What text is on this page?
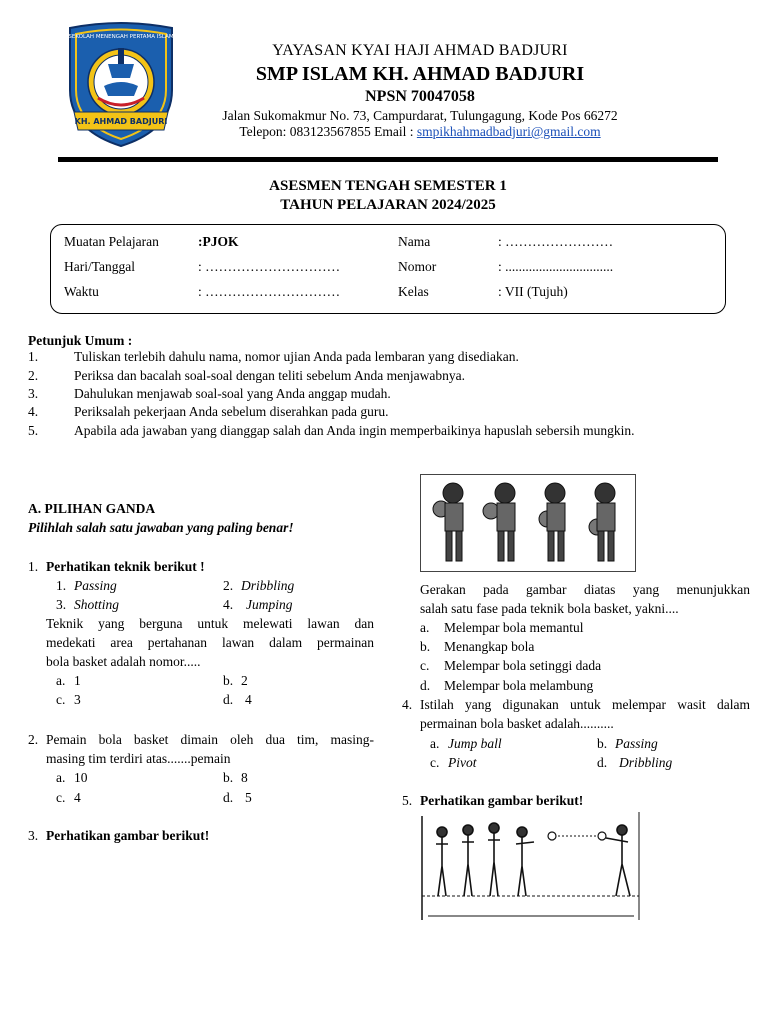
SEKOLAH MENENGAH PERTAMA ISLAM
KH. AHMAD BADJURI
YAYASAN KYAI HAJI AHMAD BADJURI
SMP ISLAM KH. AHMAD BADJURI
NPSN 70047058
Jalan Sukomakmur No. 73, Campurdarat, Tulungagung, Kode Pos 66272
Telepon: 083123567855 Email : smpikhahmadbadjuri@gmail.com
ASESMEN TENGAH SEMESTER 1
TAHUN PELAJARAN 2024/2025
Muatan Pelajaran	:PJOK
Hari/Tanggal	: …………………………
Waktu	: …………………………
Nama	: ……………………
Nomor	: ................................
Kelas	: VII (Tujuh)
Petunjuk Umum :
1.	Tuliskan terlebih dahulu nama, nomor ujian Anda pada lembaran yang disediakan.
2.	Periksa dan bacalah soal-soal dengan teliti sebelum Anda menjawabnya.
3.	Dahulukan menjawab soal-soal yang Anda anggap mudah.
4.	Periksalah pekerjaan Anda sebelum diserahkan pada guru.
5.	Apabila ada jawaban yang dianggap salah dan Anda ingin memperbaikinya hapuslah sebersih mungkin.
A. PILIHAN GANDA
Pilihlah salah satu jawaban yang paling benar!
1. Perhatikan teknik berikut !
1. Passing	2. Dribbling
3. Shotting	4. Jumping
Teknik yang berguna untuk melewati lawan dan
medekati area pertahanan lawan dalam permainan
bola basket adalah nomor.....
a. 1	b. 2
c. 3	d. 4
2. Pemain bola basket dimain oleh dua tim, masing-
masing tim terdiri atas.......pemain
a. 10	b. 8
c. 4	d. 5
3. Perhatikan gambar berikut!
Gerakan pada gambar diatas yang menunjukkan
salah satu fase pada teknik bola basket, yakni....
a. Melempar bola memantul
b. Menangkap bola
c. Melempar bola setinggi dada
d. Melempar bola melambung
4. Istilah yang digunakan untuk melempar wasit dalam
permainan bola basket adalah..........
a. Jump ball	b. Passing
c. Pivot	d. Dribbling
5. Perhatikan gambar berikut!
